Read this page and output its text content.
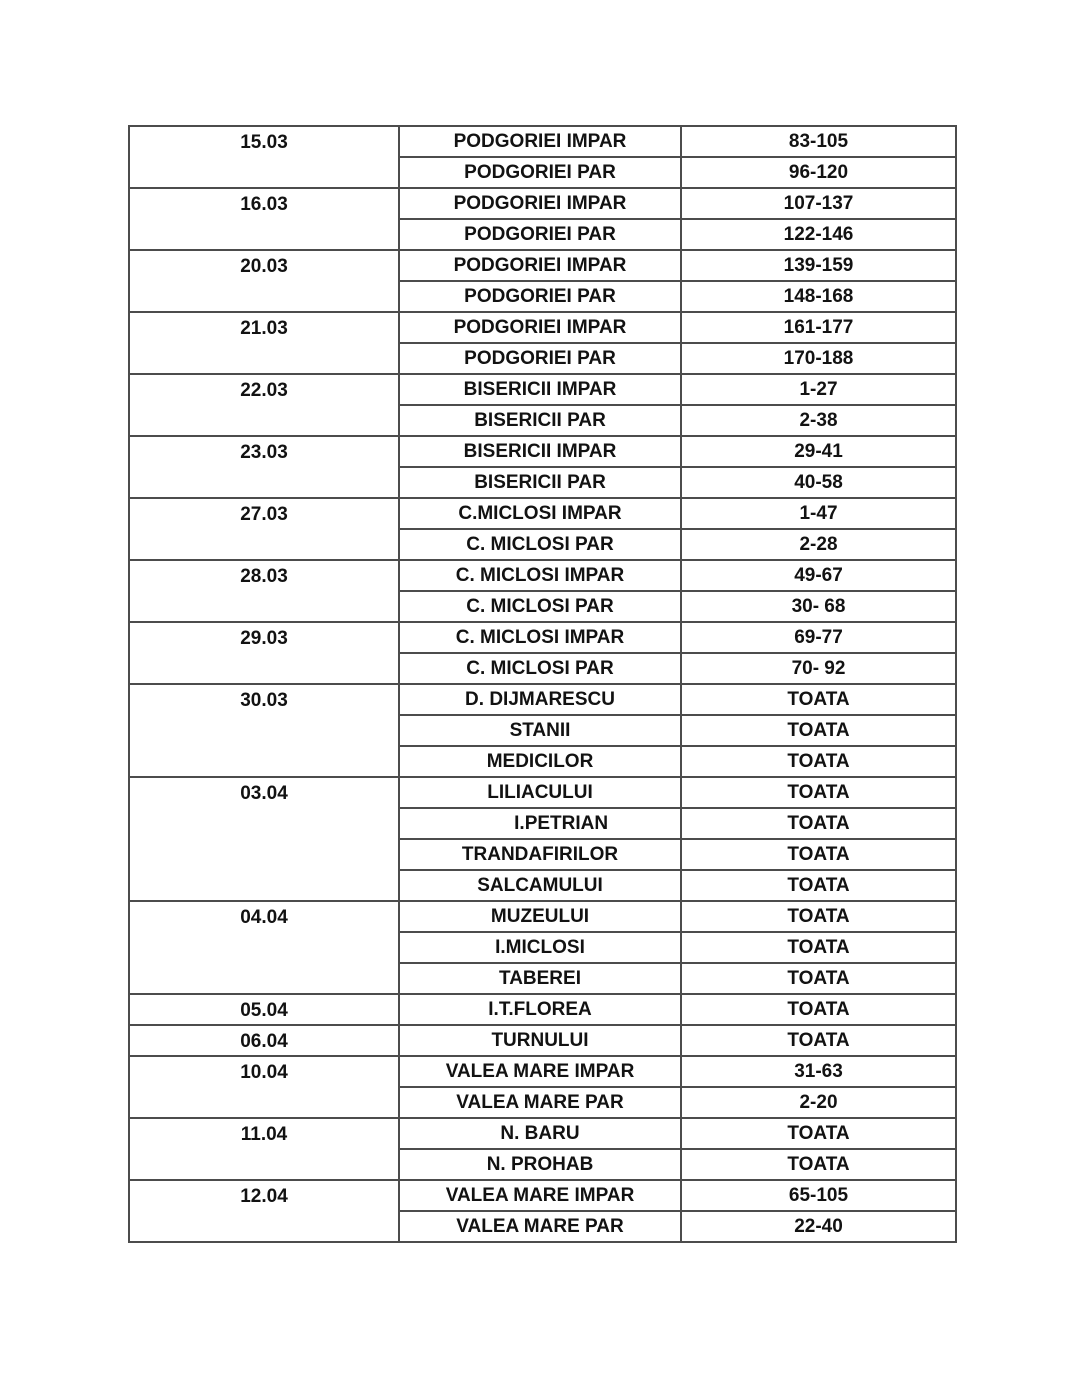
15.03	PODGORIEI IMPAR	83-105
	PODGORIEI PAR	96-120
16.03	PODGORIEI IMPAR	107-137
	PODGORIEI PAR	122-146
20.03	PODGORIEI IMPAR	139-159
	PODGORIEI PAR	148-168
21.03	PODGORIEI IMPAR	161-177
	PODGORIEI PAR	170-188
22.03	BISERICII IMPAR	1-27
	BISERICII PAR	2-38
23.03	BISERICII IMPAR	29-41
	BISERICII PAR	40-58
27.03	C.MICLOSI IMPAR	1-47
	C. MICLOSI PAR	2-28
28.03	C. MICLOSI IMPAR	49-67
	C. MICLOSI PAR	30- 68
29.03	C. MICLOSI IMPAR	69-77
	C. MICLOSI PAR	70- 92
30.03	D. DIJMARESCU	TOATA
	STANII	TOATA
	MEDICILOR	TOATA
03.04	LILIACULUI	TOATA
	I.PETRIAN	TOATA
	TRANDAFIRILOR	TOATA
	SALCAMULUI	TOATA
04.04	MUZEULUI	TOATA
	I.MICLOSI	TOATA
	TABEREI	TOATA
05.04	I.T.FLOREA	TOATA
06.04	TURNULUI	TOATA
10.04	VALEA MARE IMPAR	31-63
	VALEA MARE PAR	2-20
11.04	N. BARU	TOATA
	N. PROHAB	TOATA
12.04	VALEA MARE IMPAR	65-105
	VALEA MARE PAR	22-40
